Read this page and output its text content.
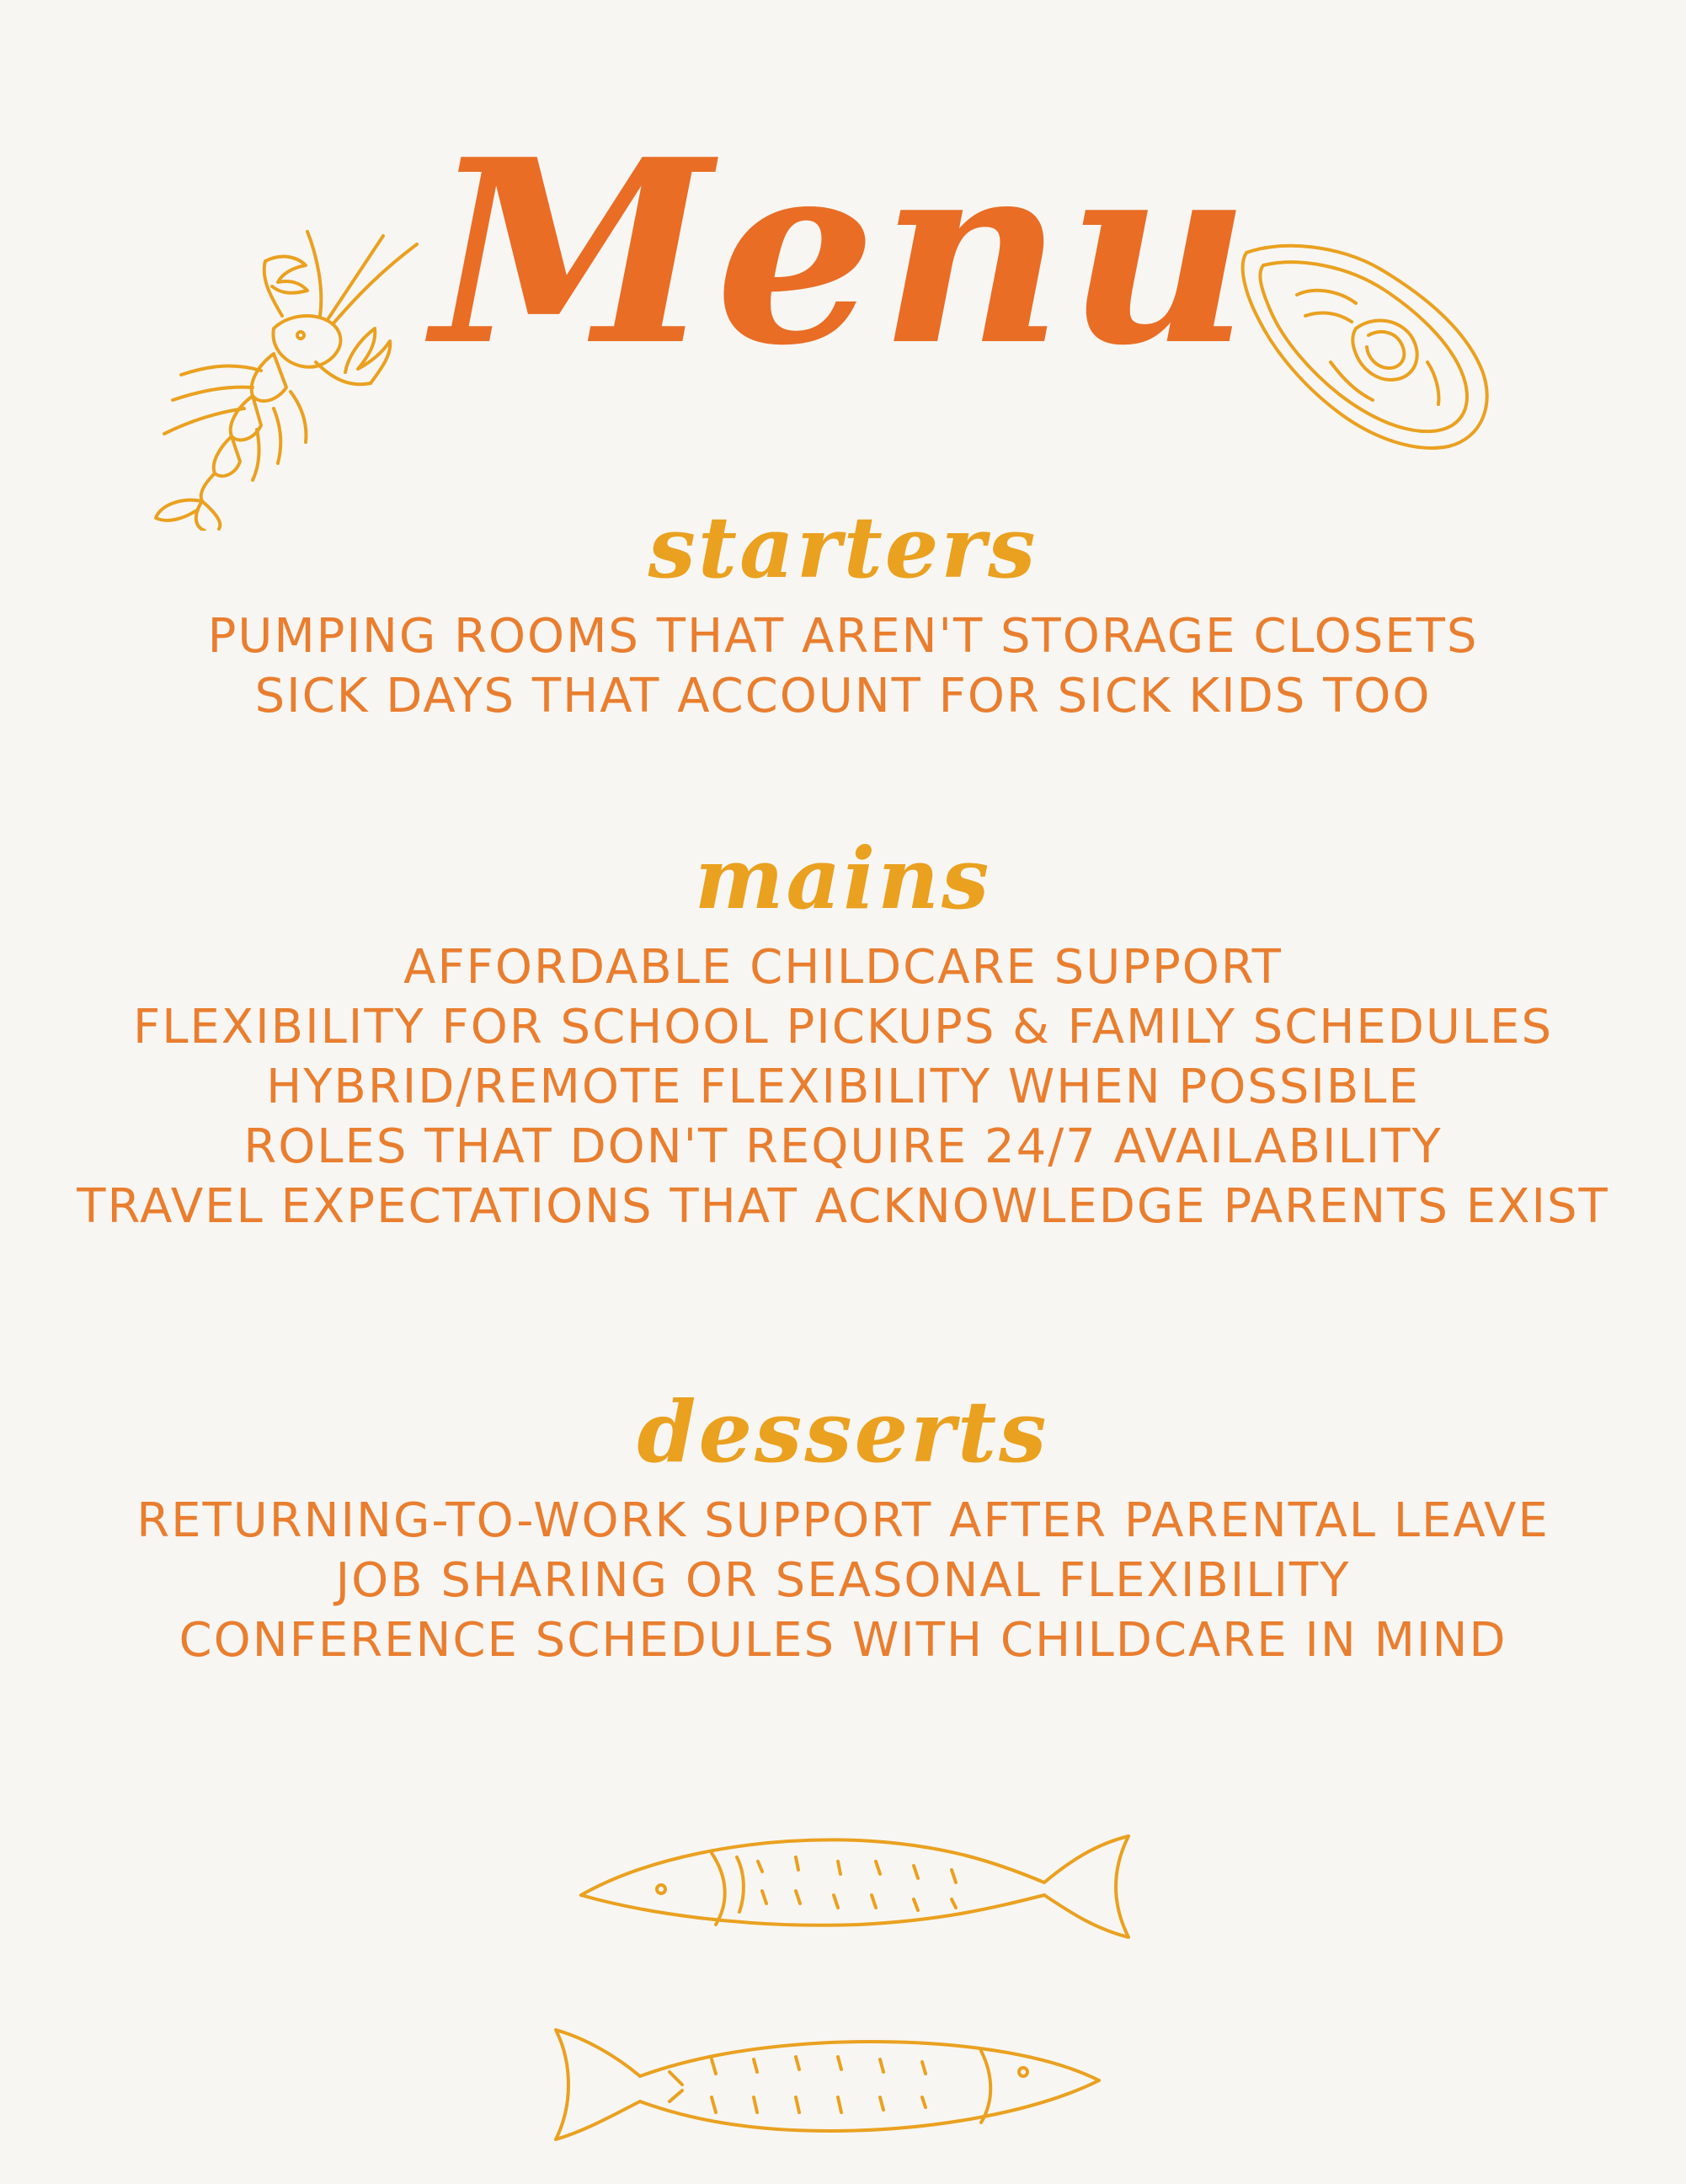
Menu
starters

PUMPING ROOMS THAT AREN'T STORAGE CLOSETS

SICK DAYS THAT ACCOUNT FOR SICK KIDS TOO

mains

AFFORDABLE CHILDCARE SUPPORT

FLEXIBILITY FOR SCHOOL PICKUPS & FAMILY SCHEDULES

HYBRID/REMOTE FLEXIBILITY WHEN POSSIBLE

ROLES THAT DON'T REQUIRE 24/7 AVAILABILITY

TRAVEL EXPECTATIONS THAT ACKNOWLEDGE PARENTS EXIST

desserts

RETURNING-TO-WORK SUPPORT AFTER PARENTAL LEAVE

JOB SHARING OR SEASONAL FLEXIBILITY

CONFERENCE SCHEDULES WITH CHILDCARE IN MIND
